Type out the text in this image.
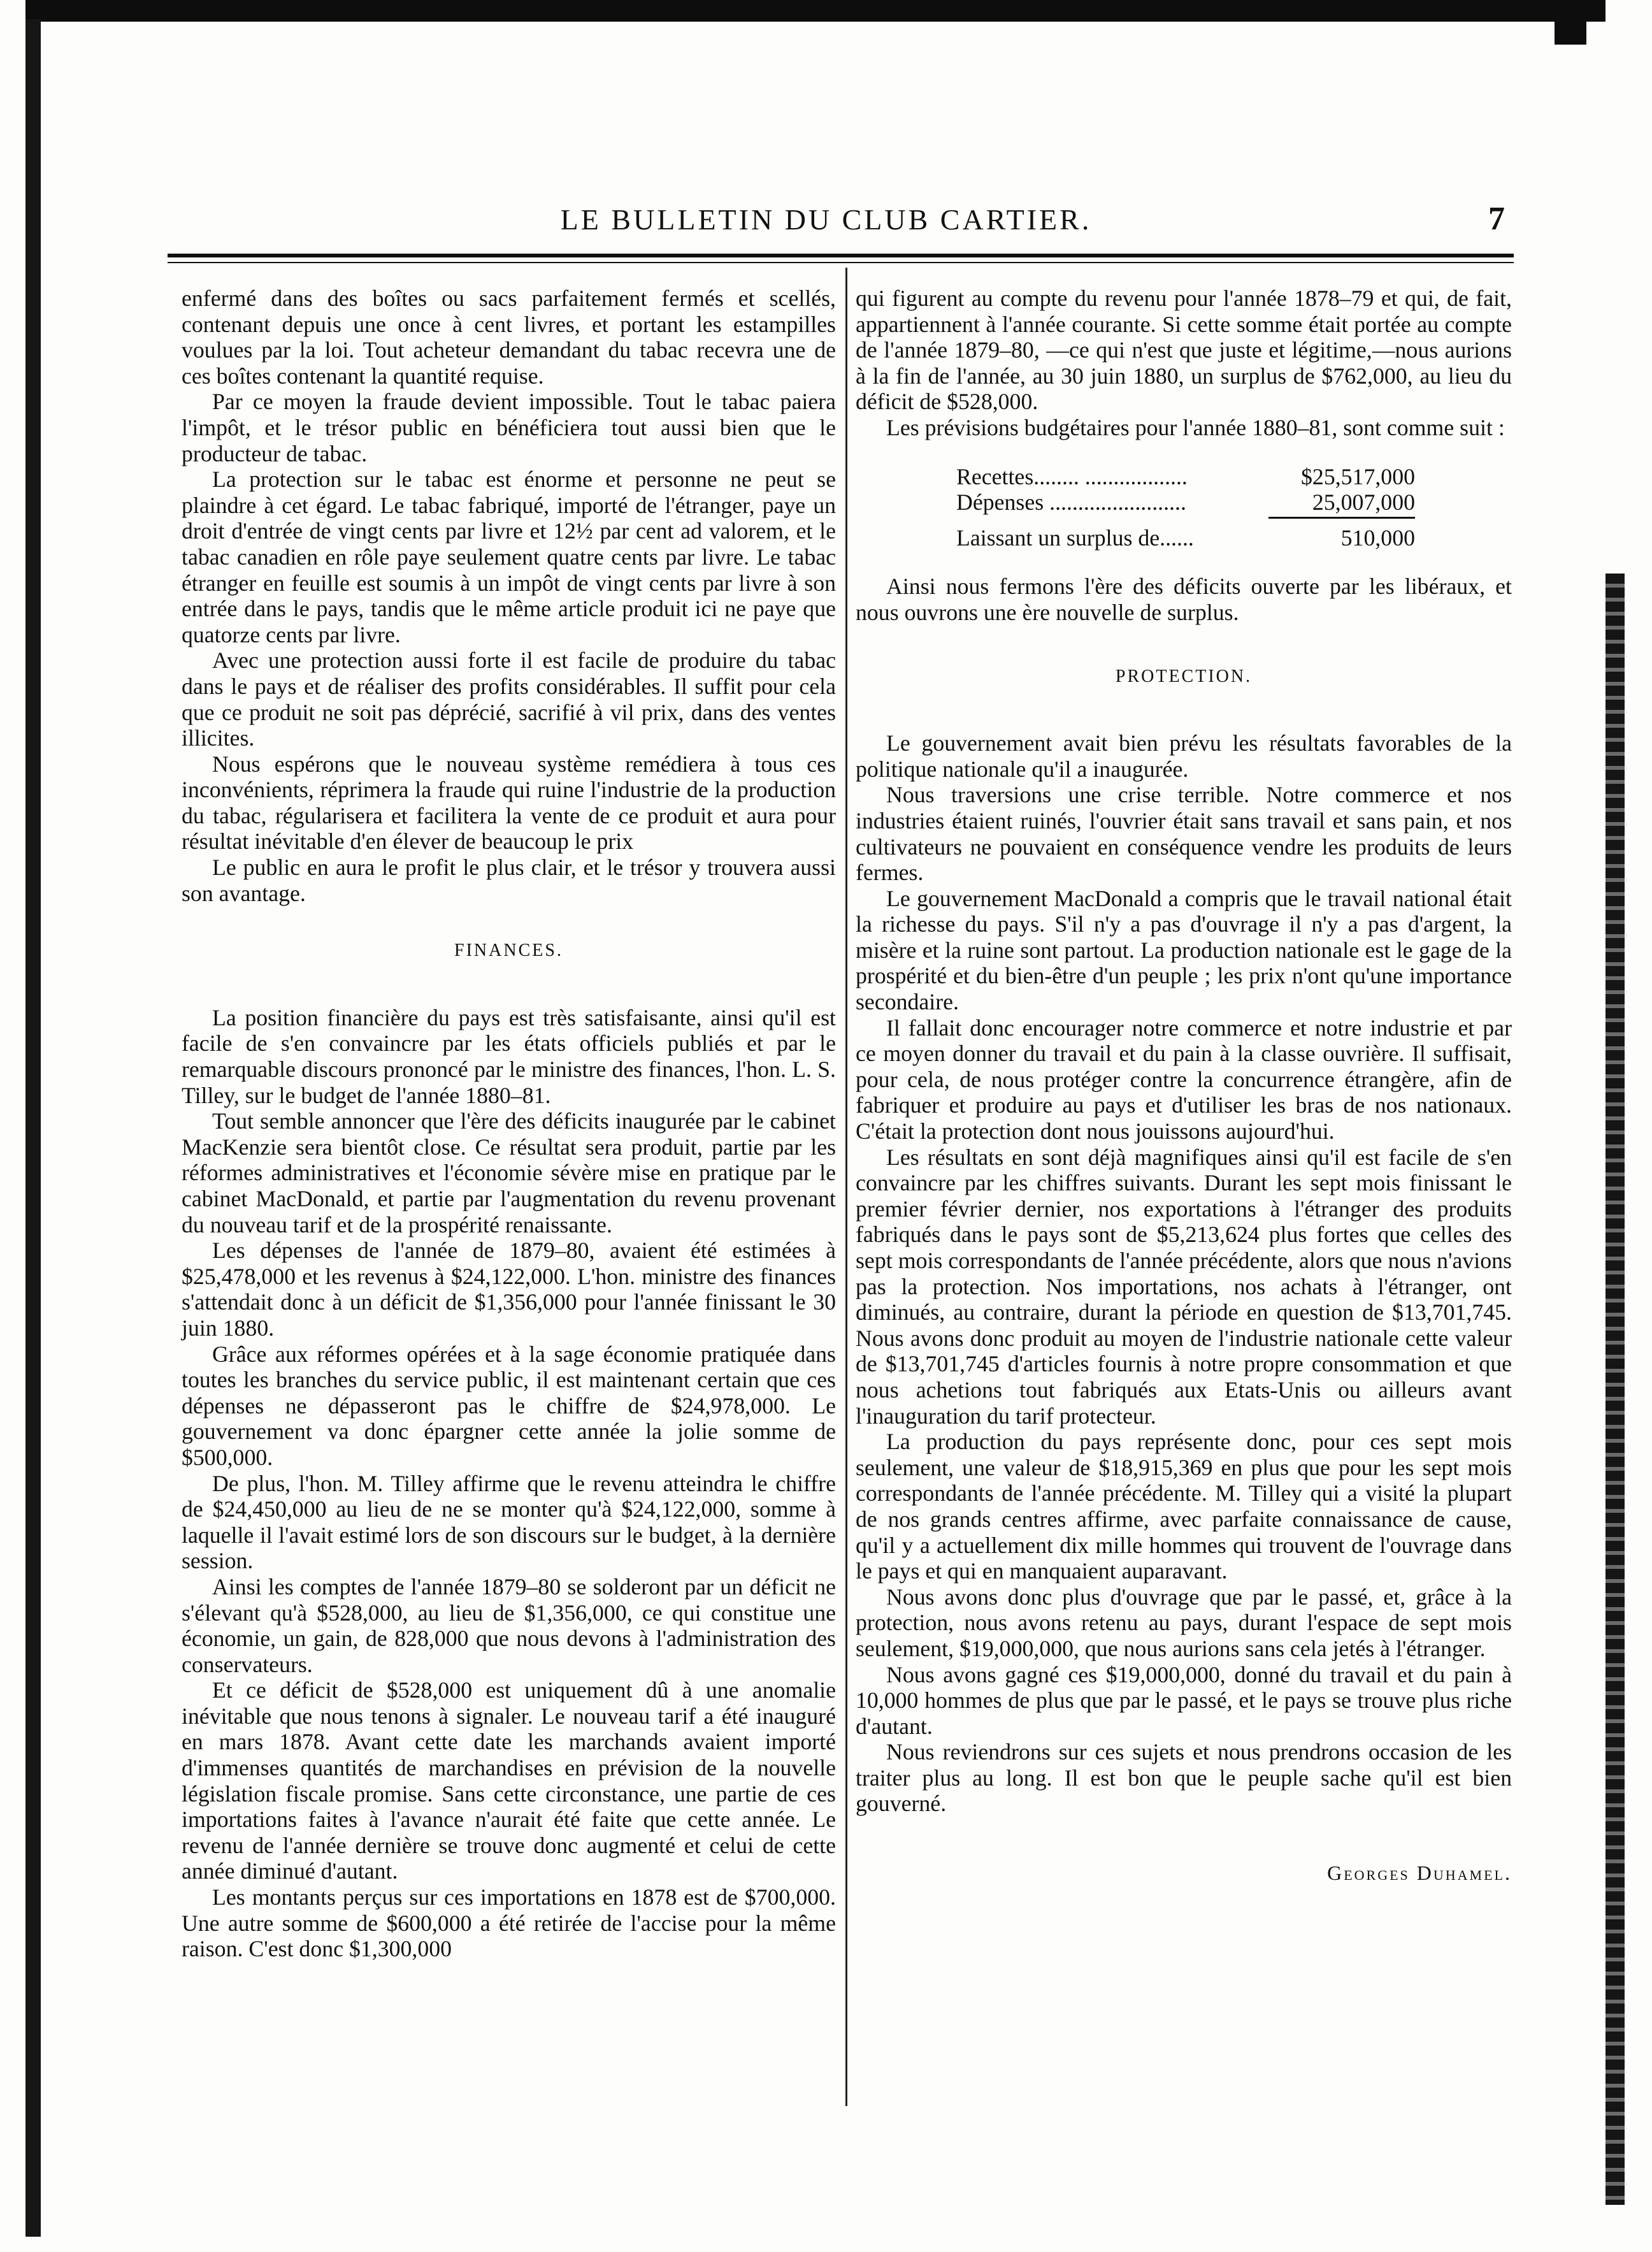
LE BULLETIN DU CLUB CARTIER.	7

enfermé dans des boîtes ou sacs parfaitement fermés et scellés, contenant depuis une once à cent livres, et portant les estampilles voulues par la loi. Tout acheteur demandant du tabac recevra une de ces boîtes contenant la quantité requise.

Par ce moyen la fraude devient impossible. Tout le tabac paiera l'impôt, et le trésor public en bénéficiera tout aussi bien que le producteur de tabac.

La protection sur le tabac est énorme et personne ne peut se plaindre à cet égard. Le tabac fabriqué, importé de l'étranger, paye un droit d'entrée de vingt cents par livre et 12½ par cent ad valorem, et le tabac canadien en rôle paye seulement quatre cents par livre. Le tabac étranger en feuille est soumis à un impôt de vingt cents par livre à son entrée dans le pays, tandis que le même article produit ici ne paye que quatorze cents par livre.

Avec une protection aussi forte il est facile de produire du tabac dans le pays et de réaliser des profits considérables. Il suffit pour cela que ce produit ne soit pas déprécié, sacrifié à vil prix, dans des ventes illicites.

Nous espérons que le nouveau système remédiera à tous ces inconvénients, réprimera la fraude qui ruine l'industrie de la production du tabac, régularisera et facilitera la vente de ce produit et aura pour résultat inévitable d'en élever de beaucoup le prix

Le public en aura le profit le plus clair, et le trésor y trouvera aussi son avantage.

FINANCES.

La position financière du pays est très satisfaisante, ainsi qu'il est facile de s'en convaincre par les états officiels publiés et par le remarquable discours prononcé par le ministre des finances, l'hon. L. S. Tilley, sur le budget de l'année 1880–81.

Tout semble annoncer que l'ère des déficits inaugurée par le cabinet MacKenzie sera bientôt close. Ce résultat sera produit, partie par les réformes administratives et l'économie sévère mise en pratique par le cabinet MacDonald, et partie par l'augmentation du revenu provenant du nouveau tarif et de la prospérité renaissante.

Les dépenses de l'année de 1879–80, avaient été estimées à $25,478,000 et les revenus à $24,122,000. L'hon. ministre des finances s'attendait donc à un déficit de $1,356,000 pour l'année finissant le 30 juin 1880.

Grâce aux réformes opérées et à la sage économie pratiquée dans toutes les branches du service public, il est maintenant certain que ces dépenses ne dépasseront pas le chiffre de $24,978,000. Le gouvernement va donc épargner cette année la jolie somme de $500,000.

De plus, l'hon. M. Tilley affirme que le revenu atteindra le chiffre de $24,450,000 au lieu de ne se monter qu'à $24,122,000, somme à laquelle il l'avait estimé lors de son discours sur le budget, à la dernière session.

Ainsi les comptes de l'année 1879–80 se solderont par un déficit ne s'élevant qu'à $528,000, au lieu de $1,356,000, ce qui constitue une économie, un gain, de 828,000 que nous devons à l'administration des conservateurs.

Et ce déficit de $528,000 est uniquement dû à une anomalie inévitable que nous tenons à signaler. Le nouveau tarif a été inauguré en mars 1878. Avant cette date les marchands avaient importé d'immenses quantités de marchandises en prévision de la nouvelle législation fiscale promise. Sans cette circonstance, une partie de ces importations faites à l'avance n'aurait été faite que cette année. Le revenu de l'année dernière se trouve donc augmenté et celui de cette année diminué d'autant.

Les montants perçus sur ces importations en 1878 est de $700,000. Une autre somme de $600,000 a été retirée de l'accise pour la même raison. C'est donc $1,300,000

qui figurent au compte du revenu pour l'année 1878–79 et qui, de fait, appartiennent à l'année courante. Si cette somme était portée au compte de l'année 1879–80, —ce qui n'est que juste et légitime,—nous aurions à la fin de l'année, au 30 juin 1880, un surplus de $762,000, au lieu du déficit de $528,000.

Les prévisions budgétaires pour l'année 1880–81, sont comme suit :

Recettes........ ..................	$25,517,000
Dépenses ........................	25,007,000
Laissant un surplus de......	510,000

Ainsi nous fermons l'ère des déficits ouverte par les libéraux, et nous ouvrons une ère nouvelle de surplus.

PROTECTION.

Le gouvernement avait bien prévu les résultats favorables de la politique nationale qu'il a inaugurée.

Nous traversions une crise terrible. Notre commerce et nos industries étaient ruinés, l'ouvrier était sans travail et sans pain, et nos cultivateurs ne pouvaient en conséquence vendre les produits de leurs fermes.

Le gouvernement MacDonald a compris que le travail national était la richesse du pays. S'il n'y a pas d'ouvrage il n'y a pas d'argent, la misère et la ruine sont partout. La production nationale est le gage de la prospérité et du bien-être d'un peuple ; les prix n'ont qu'une importance secondaire.

Il fallait donc encourager notre commerce et notre industrie et par ce moyen donner du travail et du pain à la classe ouvrière. Il suffisait, pour cela, de nous protéger contre la concurrence étrangère, afin de fabriquer et produire au pays et d'utiliser les bras de nos nationaux. C'était la protection dont nous jouissons aujourd'hui.

Les résultats en sont déjà magnifiques ainsi qu'il est facile de s'en convaincre par les chiffres suivants. Durant les sept mois finissant le premier février dernier, nos exportations à l'étranger des produits fabriqués dans le pays sont de $5,213,624 plus fortes que celles des sept mois correspondants de l'année précédente, alors que nous n'avions pas la protection. Nos importations, nos achats à l'étranger, ont diminués, au contraire, durant la période en question de $13,701,745. Nous avons donc produit au moyen de l'industrie nationale cette valeur de $13,701,745 d'articles fournis à notre propre consommation et que nous achetions tout fabriqués aux Etats-Unis ou ailleurs avant l'inauguration du tarif protecteur.

La production du pays représente donc, pour ces sept mois seulement, une valeur de $18,915,369 en plus que pour les sept mois correspondants de l'année précédente. M. Tilley qui a visité la plupart de nos grands centres affirme, avec parfaite connaissance de cause, qu'il y a actuellement dix mille hommes qui trouvent de l'ouvrage dans le pays et qui en manquaient auparavant.

Nous avons donc plus d'ouvrage que par le passé, et, grâce à la protection, nous avons retenu au pays, durant l'espace de sept mois seulement, $19,000,000, que nous aurions sans cela jetés à l'étranger.

Nous avons gagné ces $19,000,000, donné du travail et du pain à 10,000 hommes de plus que par le passé, et le pays se trouve plus riche d'autant.

Nous reviendrons sur ces sujets et nous prendrons occasion de les traiter plus au long. Il est bon que le peuple sache qu'il est bien gouverné.

Georges Duhamel.
